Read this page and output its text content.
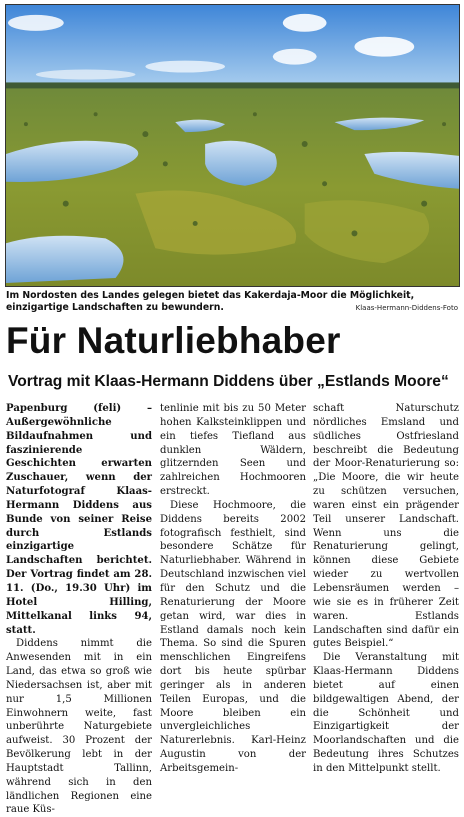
Im Nordosten des Landes gelegen bietet das Kakerdaja-Moor die Möglichkeit, einzigartige Landschaften zu bewundern.	Klaas-Hermann-Diddens-Foto
Für Naturliebhaber
Vortrag mit Klaas-Hermann Diddens über „Estlands Moore“

Papenburg (feli) – Außergewöhnliche Bildaufnahmen und faszinierende Geschichten erwarten Zuschauer, wenn der Naturfotograf Klaas-Hermann Diddens aus Bunde von seiner Reise durch Estlands einzigartige Landschaften berichtet. Der Vortrag findet am 28. 11. (Do., 19.30 Uhr) im Hotel Hilling, Mittelkanal links 94, statt.

Diddens nimmt die Anwesenden mit in ein Land, das etwa so groß wie Niedersachsen ist, aber mit nur 1,5 Millionen Einwohnern weite, fast unberührte Naturgebiete aufweist. 30 Prozent der Bevölkerung lebt in der Hauptstadt Tallinn, während sich in den ländlichen Regionen eine raue Küs-

tenlinie mit bis zu 50 Meter hohen Kalksteinklippen und ein tiefes Tiefland aus dunklen Wäldern, glitzernden Seen und zahlreichen Hochmooren erstreckt.

Diese Hochmoore, die Diddens bereits 2002 fotografisch festhielt, sind besondere Schätze für Naturliebhaber. Während in Deutschland inzwischen viel für den Schutz und die Renaturierung der Moore getan wird, war dies in Estland damals noch kein Thema. So sind die Spuren menschlichen Eingreifens dort bis heute spürbar geringer als in anderen Teilen Europas, und die Moore bleiben ein unvergleichliches Naturerlebnis. Karl-Heinz Augustin von der Arbeitsgemein-

schaft Naturschutz nördliches Emsland und südliches Ostfriesland beschreibt die Bedeutung der Moor-Renaturierung so: „Die Moore, die wir heute zu schützen versuchen, waren einst ein prägender Teil unserer Landschaft. Wenn uns die Renaturierung gelingt, können diese Gebiete wieder zu wertvollen Lebensräumen werden – wie sie es in früherer Zeit waren. Estlands Landschaften sind dafür ein gutes Beispiel.“

Die Veranstaltung mit Klaas-Hermann Diddens bietet auf einen bildgewaltigen Abend, der die Schönheit und Einzigartigkeit der Moorlandschaften und die Bedeutung ihres Schutzes in den Mittelpunkt stellt.
